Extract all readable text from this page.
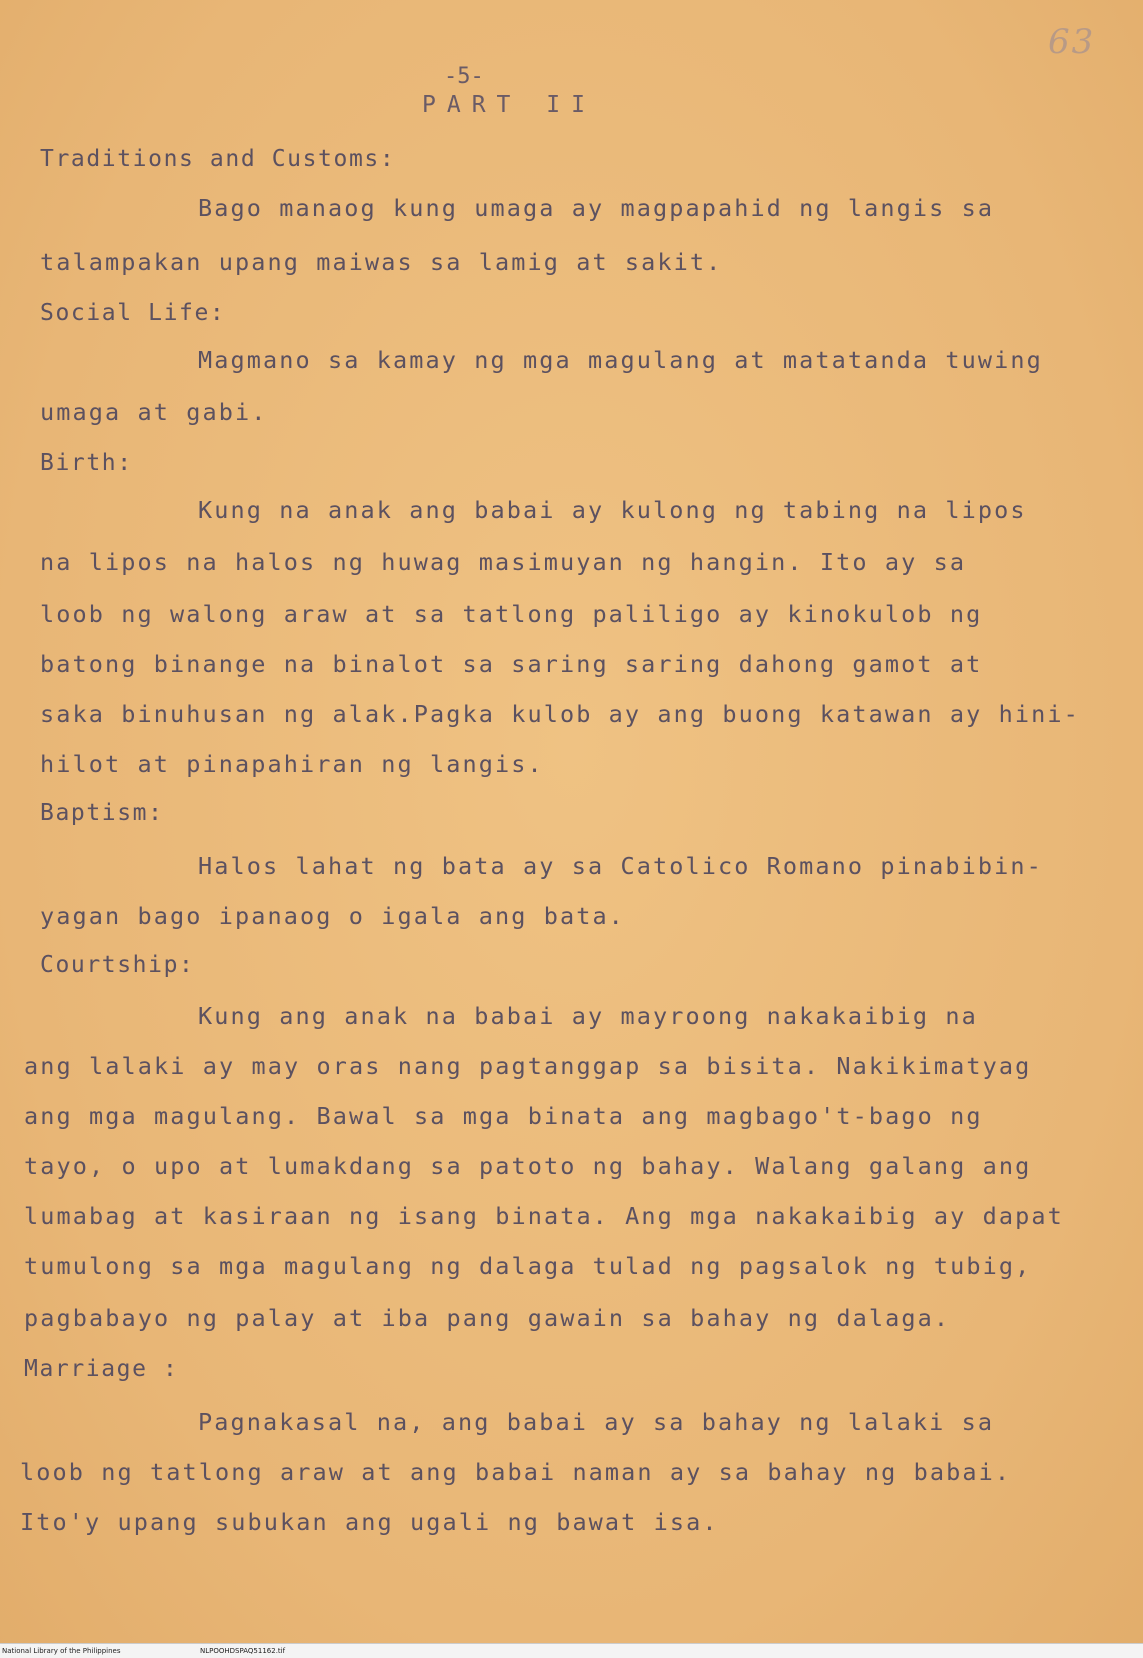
63
-5-
PART II
Traditions and Customs:
Bago manaog kung umaga ay magpapahid ng langis sa
talampakan upang maiwas sa lamig at sakit.
Social Life:
Magmano sa kamay ng mga magulang at matatanda tuwing
umaga at gabi.
Birth:
Kung na anak ang babai ay kulong ng tabing na lipos
na lipos na halos ng huwag masimuyan ng hangin. Ito ay sa
loob ng walong araw at sa tatlong paliligo ay kinokulob ng
batong binange na binalot sa saring saring dahong gamot at
saka binuhusan ng alak.Pagka kulob ay ang buong katawan ay hini-
hilot at pinapahiran ng langis.
Baptism:
Halos lahat ng bata ay sa Catolico Romano pinabibin-
yagan bago ipanaog o igala ang bata.
Courtship:
Kung ang anak na babai ay mayroong nakakaibig na
ang lalaki ay may oras nang pagtanggap sa bisita. Nakikimatyag
ang mga magulang. Bawal sa mga binata ang magbago't-bago ng
tayo, o upo at lumakdang sa patoto ng bahay. Walang galang ang
lumabag at kasiraan ng isang binata. Ang mga nakakaibig ay dapat
tumulong sa mga magulang ng dalaga tulad ng pagsalok ng tubig,
pagbabayo ng palay at iba pang gawain sa bahay ng dalaga.
Marriage :
Pagnakasal na, ang babai ay sa bahay ng lalaki sa
loob ng tatlong araw at ang babai naman ay sa bahay ng babai.
Ito'y upang subukan ang ugali ng bawat isa.
National Library of the Philippines	NLPOOHDSPAQ51162.tif
